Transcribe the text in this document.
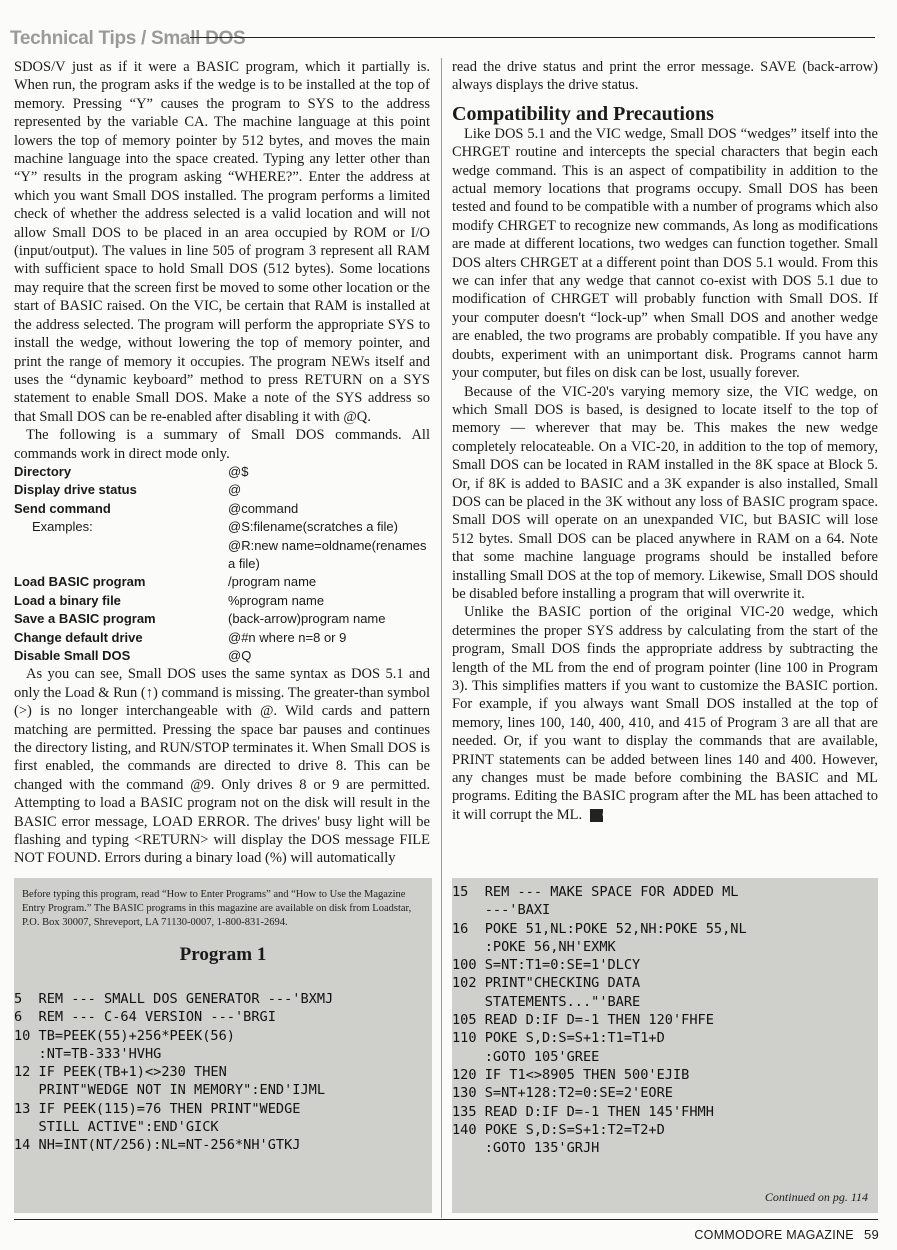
Technical Tips / Small DOS

SDOS/V just as if it were a BASIC program, which it partially is. When run, the program asks if the wedge is to be installed at the top of memory. Pressing “Y” causes the program to SYS to the address represented by the variable CA. The machine language at this point lowers the top of memory pointer by 512 bytes, and moves the main machine language into the space created. Typing any letter other than “Y” results in the program asking “WHERE?”. Enter the address at which you want Small DOS installed. The program performs a limited check of whether the address selected is a valid location and will not allow Small DOS to be placed in an area occupied by ROM or I/O (input/output). The values in line 505 of program 3 represent all RAM with sufficient space to hold Small DOS (512 bytes). Some locations may require that the screen first be moved to some other location or the start of BASIC raised. On the VIC, be certain that RAM is installed at the address selected. The program will perform the appropriate SYS to install the wedge, without lowering the top of memory pointer, and print the range of memory it occupies. The program NEWs itself and uses the “dynamic keyboard” method to press RETURN on a SYS statement to enable Small DOS. Make a note of the SYS address so that Small DOS can be re-enabled after disabling it with @Q.

The following is a summary of Small DOS commands. All commands work in direct mode only.

Directory	@$
Display drive status	@
Send command	@command
Examples:	@S:filename(scratches a file)
	@R:new name=oldname(renames a file)
Load BASIC program	/program name
Load a binary file	%program name
Save a BASIC program	(back-arrow)program name
Change default drive	@#n where n=8 or 9
Disable Small DOS	@Q

As you can see, Small DOS uses the same syntax as DOS 5.1 and only the Load & Run (↑) command is missing. The greater-than symbol (>) is no longer interchangeable with @. Wild cards and pattern matching are permitted. Pressing the space bar pauses and continues the directory listing, and RUN/STOP terminates it. When Small DOS is first enabled, the commands are directed to drive 8. This can be changed with the command @9. Only drives 8 or 9 are permitted. Attempting to load a BASIC program not on the disk will result in the BASIC error message, LOAD ERROR. The drives' busy light will be flashing and typing <RETURN> will display the DOS message FILE NOT FOUND. Errors during a binary load (%) will automatically

read the drive status and print the error message. SAVE (back-arrow) always displays the drive status.

Compatibility and Precautions

Like DOS 5.1 and the VIC wedge, Small DOS “wedges” itself into the CHRGET routine and intercepts the special characters that begin each wedge command. This is an aspect of compatibility in addition to the actual memory locations that programs occupy. Small DOS has been tested and found to be compatible with a number of programs which also modify CHRGET to recognize new commands, As long as modifications are made at different locations, two wedges can function together. Small DOS alters CHRGET at a different point than DOS 5.1 would. From this we can infer that any wedge that cannot co-exist with DOS 5.1 due to modification of CHRGET will probably function with Small DOS. If your computer doesn't “lock-up” when Small DOS and another wedge are enabled, the two programs are probably compatible. If you have any doubts, experiment with an unimportant disk. Programs cannot harm your computer, but files on disk can be lost, usually forever.

Because of the VIC-20's varying memory size, the VIC wedge, on which Small DOS is based, is designed to locate itself to the top of memory — wherever that may be. This makes the new wedge completely relocateable. On a VIC-20, in addition to the top of memory, Small DOS can be located in RAM installed in the 8K space at Block 5. Or, if 8K is added to BASIC and a 3K expander is also installed, Small DOS can be placed in the 3K without any loss of BASIC program space. Small DOS will operate on an unexpanded VIC, but BASIC will lose 512 bytes. Small DOS can be placed anywhere in RAM on a 64. Note that some machine language programs should be installed before installing Small DOS at the top of memory. Likewise, Small DOS should be disabled before installing a program that will overwrite it.

Unlike the BASIC portion of the original VIC-20 wedge, which determines the proper SYS address by calculating from the start of the program, Small DOS finds the appropriate address by subtracting the length of the ML from the end of program pointer (line 100 in Program 3). This simplifies matters if you want to customize the BASIC portion. For example, if you always want Small DOS installed at the top of memory, lines 100, 140, 400, 410, and 415 of Program 3 are all that are needed. Or, if you want to display the commands that are available, PRINT statements can be added between lines 140 and 400. However, any changes must be made before combining the BASIC and ML programs. Editing the BASIC program after the ML has been attached to it will corrupt the ML. C

Before typing this program, read “How to Enter Programs” and “How to Use the Magazine Entry Program.” The BASIC programs in this magazine are available on disk from Loadstar, P.O. Box 30007, Shreveport, LA 71130-0007, 1-800-831-2694.
Program 1
5  REM --- SMALL DOS GENERATOR ---'BXMJ
6  REM --- C-64 VERSION ---'BRGI
10 TB=PEEK(55)+256*PEEK(56)
:NT=TB-333'HVHG
12 IF PEEK(TB+1)<>230 THEN
PRINT"WEDGE NOT IN MEMORY":END'IJML
13 IF PEEK(115)=76 THEN PRINT"WEDGE
STILL ACTIVE":END'GICK
14 NH=INT(NT/256):NL=NT-256*NH'GTKJ
15  REM --- MAKE SPACE FOR ADDED ML
---'BAXI
16  POKE 51,NL:POKE 52,NH:POKE 55,NL
:POKE 56,NH'EXMK
100 S=NT:T1=0:SE=1'DLCY
102 PRINT"CHECKING DATA
STATEMENTS..."'BARE
105 READ D:IF D=-1 THEN 120'FHFE
110 POKE S,D:S=S+1:T1=T1+D
:GOTO 105'GREE
120 IF T1<>8905 THEN 500'EJIB
130 S=NT+128:T2=0:SE=2'EORE
135 READ D:IF D=-1 THEN 145'FHMH
140 POKE S,D:S=S+1:T2=T2+D
:GOTO 135'GRJH
Continued on pg. 114
COMMODORE MAGAZINE 59
